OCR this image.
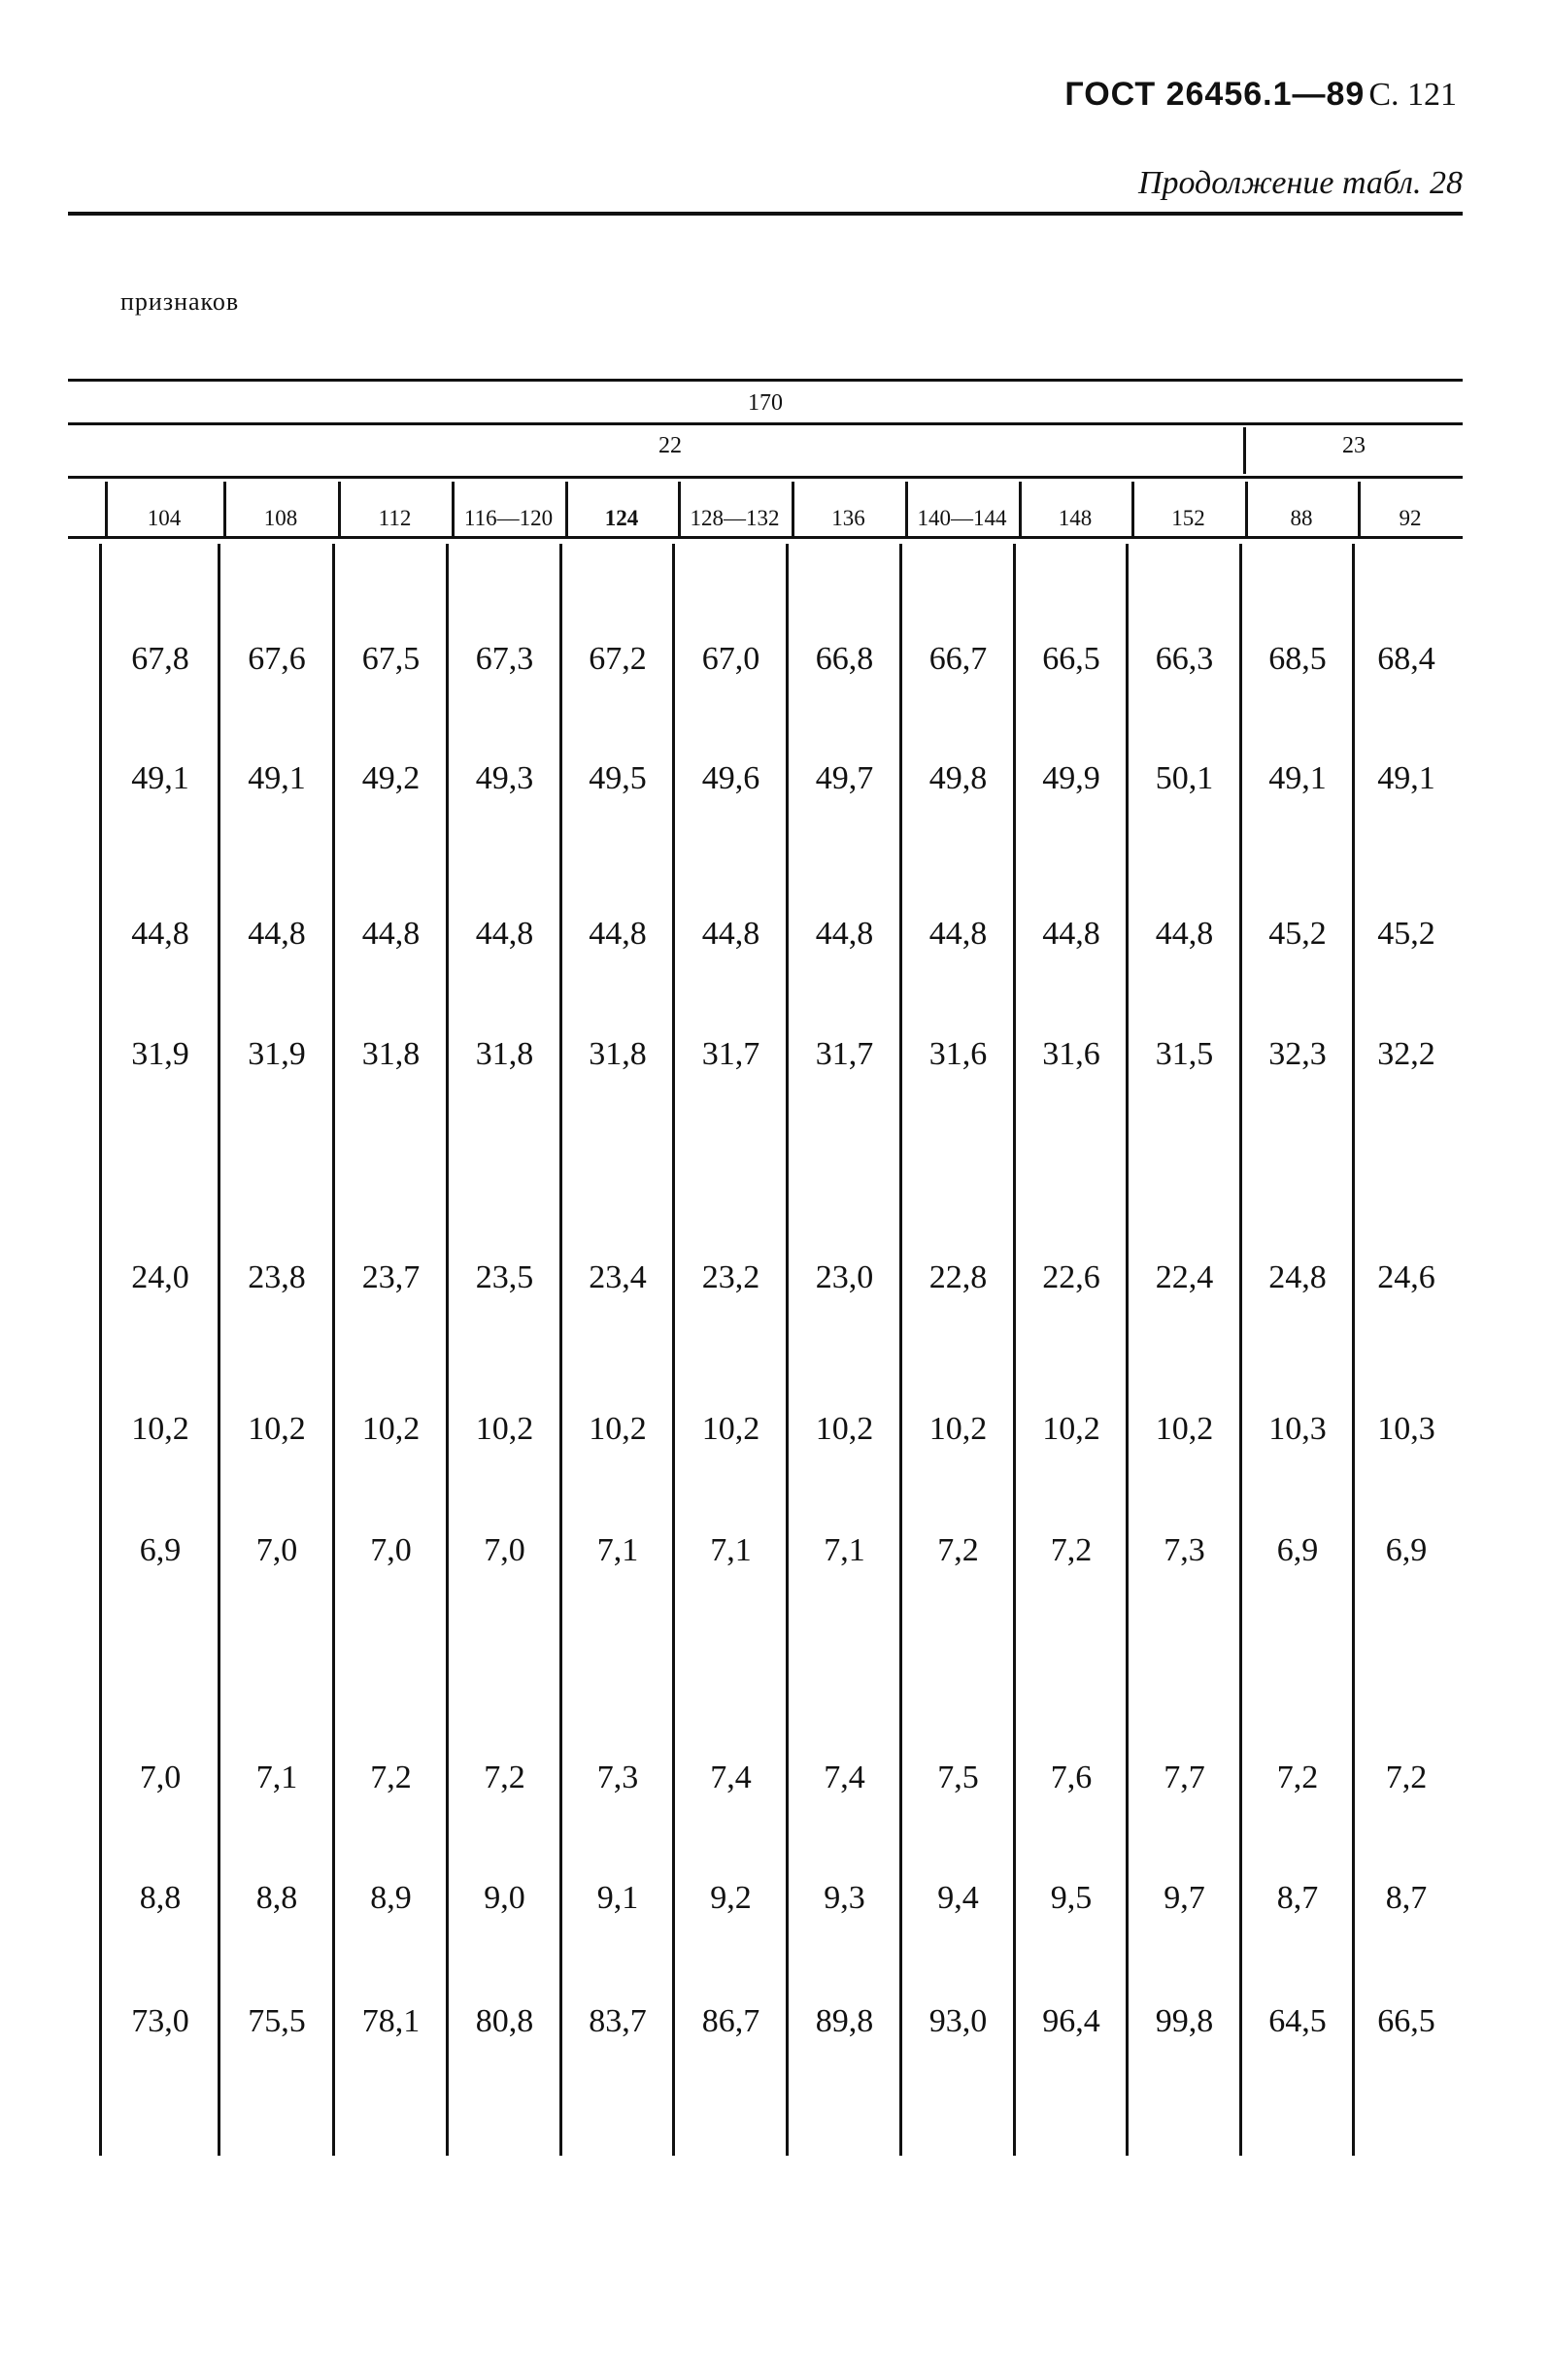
ГОСТ 26456.1—89 С. 121
Продолжение табл. 28
признаков
170
22	23
104	108	112	116—120	124	128—132	136	140—144	148	152	88	92
67,8	67,6	67,5	67,3	67,2	67,0	66,8	66,7	66,5	66,3	68,5	68,4
49,1	49,1	49,2	49,3	49,5	49,6	49,7	49,8	49,9	50,1	49,1	49,1
44,8	44,8	44,8	44,8	44,8	44,8	44,8	44,8	44,8	44,8	45,2	45,2
31,9	31,9	31,8	31,8	31,8	31,7	31,7	31,6	31,6	31,5	32,3	32,2
24,0	23,8	23,7	23,5	23,4	23,2	23,0	22,8	22,6	22,4	24,8	24,6
10,2	10,2	10,2	10,2	10,2	10,2	10,2	10,2	10,2	10,2	10,3	10,3
6,9	7,0	7,0	7,0	7,1	7,1	7,1	7,2	7,2	7,3	6,9	6,9
7,0	7,1	7,2	7,2	7,3	7,4	7,4	7,5	7,6	7,7	7,2	7,2
8,8	8,8	8,9	9,0	9,1	9,2	9,3	9,4	9,5	9,7	8,7	8,7
73,0	75,5	78,1	80,8	83,7	86,7	89,8	93,0	96,4	99,8	64,5	66,5
